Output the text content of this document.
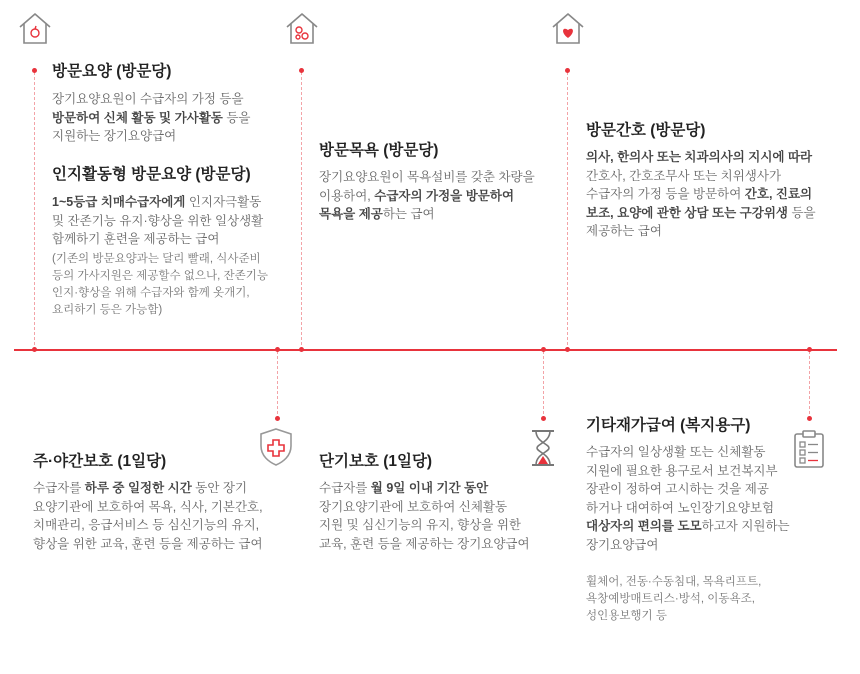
방문요양 (방문당)
장기요양요원이 수급자의 가정 등을
방문하여 신체 활동 및 가사활동 등을
지원하는 장기요양급여
인지활동형 방문요양 (방문당)
1~5등급 치매수급자에게 인지자극활동
및 잔존기능 유지·향상을 위한 일상생활
함께하기 훈련을 제공하는 급여
(기존의 방문요양과는 달리 빨래, 식사준비
등의 가사지원은 제공할수 없으나, 잔존기능
인지·향상을 위해 수급자와 함께 옷개기,
요리하기 등은 가능함)
방문목욕 (방문당)
장기요양요원이 목욕설비를 갖춘 차량을
이용하여, 수급자의 가정을 방문하여
목욕을 제공하는 급여
방문간호 (방문당)
의사, 한의사 또는 치과의사의 지시에 따라
간호사, 간호조무사 또는 치위생사가
수급자의 가정 등을 방문하여 간호, 진료의
보조, 요양에 관한 상담 또는 구강위생 등을
제공하는 급여
주·야간보호 (1일당)
수급자를 하루 중 일정한 시간 동안 장기
요양기관에 보호하여 목욕, 식사, 기본간호,
치매관리, 응급서비스 등 심신기능의 유지,
향상을 위한 교육, 훈련 등을 제공하는 급여
단기보호 (1일당)
수급자를 월 9일 이내 기간 동안
장기요양기관에 보호하여 신체활동
지원 및 심신기능의 유지, 향상을 위한
교육, 훈련 등을 제공하는 장기요양급여
기타재가급여 (복지용구)
수급자의 일상생활 또는 신체활동
지원에 필요한 용구로서 보건복지부
장관이 정하여 고시하는 것을 제공
하거나 대여하여 노인장기요양보험
대상자의 편의를 도모하고자 지원하는
장기요양급여
휠체어, 전동·수동침대, 목욕리프트,
욕창예방매트리스·방석, 이동욕조,
성인용보행기 등
